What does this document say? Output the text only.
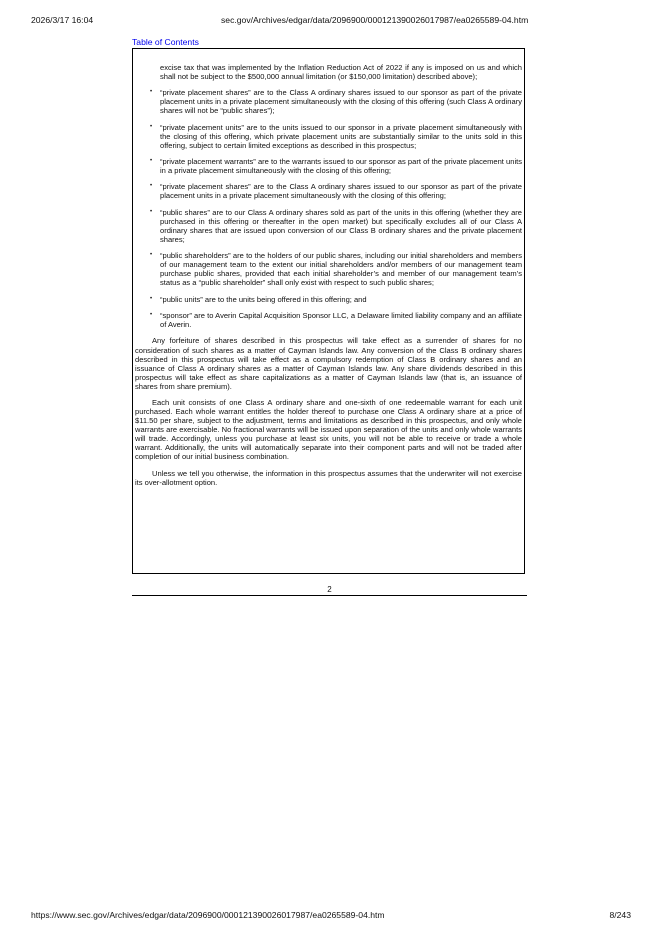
2026/3/17 16:04	sec.gov/Archives/edgar/data/2096900/000121390026017987/ea0265589-04.htm
Table of Contents

excise tax that was implemented by the Inflation Reduction Act of 2022 if any is imposed on us and which shall not be subject to the $500,000 annual limitation (or $150,000 limitation) described above);

• “private placement shares” are to the Class A ordinary shares issued to our sponsor as part of the private placement units in a private placement simultaneously with the closing of this offering (such Class A ordinary shares will not be “public shares”);
• “private placement units” are to the units issued to our sponsor in a private placement simultaneously with the closing of this offering, which private placement units are substantially similar to the units sold in this offering, subject to certain limited exceptions as described in this prospectus;
• “private placement warrants” are to the warrants issued to our sponsor as part of the private placement units in a private placement simultaneously with the closing of this offering;
• “private placement shares” are to the Class A ordinary shares issued to our sponsor as part of the private placement units in a private placement simultaneously with the closing of this offering;
• “public shares” are to our Class A ordinary shares sold as part of the units in this offering (whether they are purchased in this offering or thereafter in the open market) but specifically excludes all of our Class A ordinary shares that are issued upon conversion of our Class B ordinary shares and the private placement shares;
• “public shareholders” are to the holders of our public shares, including our initial shareholders and members of our management team to the extent our initial shareholders and/or members of our management team purchase public shares, provided that each initial shareholder’s and member of our management team’s status as a “public shareholder” shall only exist with respect to such public shares;
• “public units” are to the units being offered in this offering; and
• “sponsor” are to Averin Capital Acquisition Sponsor LLC, a Delaware limited liability company and an affiliate of Averin.

Any forfeiture of shares described in this prospectus will take effect as a surrender of shares for no consideration of such shares as a matter of Cayman Islands law. Any conversion of the Class B ordinary shares described in this prospectus will take effect as a compulsory redemption of Class B ordinary shares and an issuance of Class A ordinary shares as a matter of Cayman Islands law. Any share dividends described in this prospectus will take effect as share capitalizations as a matter of Cayman Islands law (that is, an issuance of shares from share premium).

Each unit consists of one Class A ordinary share and one-sixth of one redeemable warrant for each unit purchased. Each whole warrant entitles the holder thereof to purchase one Class A ordinary share at a price of $11.50 per share, subject to the adjustment, terms and limitations as described in this prospectus, and only whole warrants are exercisable. No fractional warrants will be issued upon separation of the units and only whole warrants will trade. Accordingly, unless you purchase at least six units, you will not be able to receive or trade a whole warrant. Additionally, the units will automatically separate into their component parts and will not be traded after completion of our initial business combination.

Unless we tell you otherwise, the information in this prospectus assumes that the underwriter will not exercise its over-allotment option.

2
https://www.sec.gov/Archives/edgar/data/2096900/000121390026017987/ea0265589-04.htm	8/243
